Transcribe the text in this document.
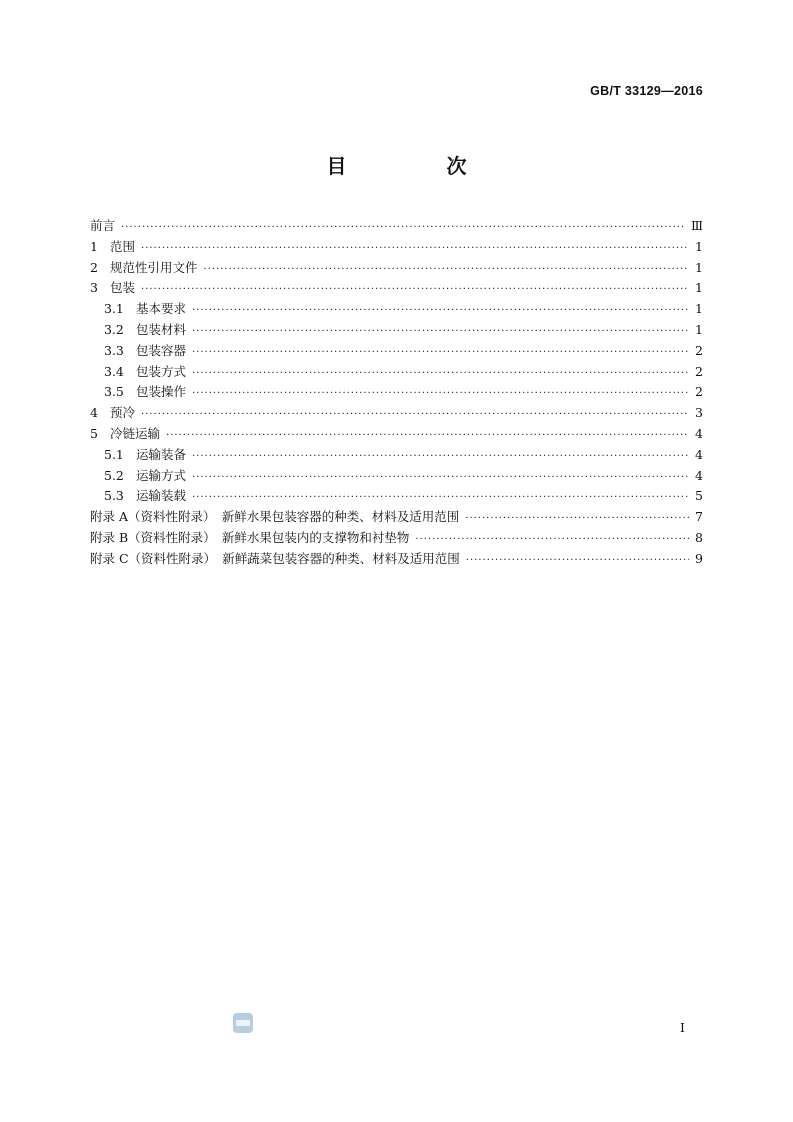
GB/T 33129—2016
目　次
前言 ·····	Ⅲ
1 范围 ·····	1
2 规范性引用文件 ·····	1
3 包装 ·····	1
3.1 基本要求 ·····	1
3.2 包装材料 ·····	1
3.3 包装容器 ·····	2
3.4 包装方式 ·····	2
3.5 包装操作 ·····	2
4 预冷 ·····	3
5 冷链运输 ·····	4
5.1 运输装备 ·····	4
5.2 运输方式 ·····	4
5.3 运输装载 ·····	5
附录 A（资料性附录）　新鲜水果包装容器的种类、材料及适用范围 ·····	7
附录 B（资料性附录）　新鲜水果包装内的支撑物和衬垫物 ·····	8
附录 C（资料性附录）　新鲜蔬菜包装容器的种类、材料及适用范围 ·····	9
I
